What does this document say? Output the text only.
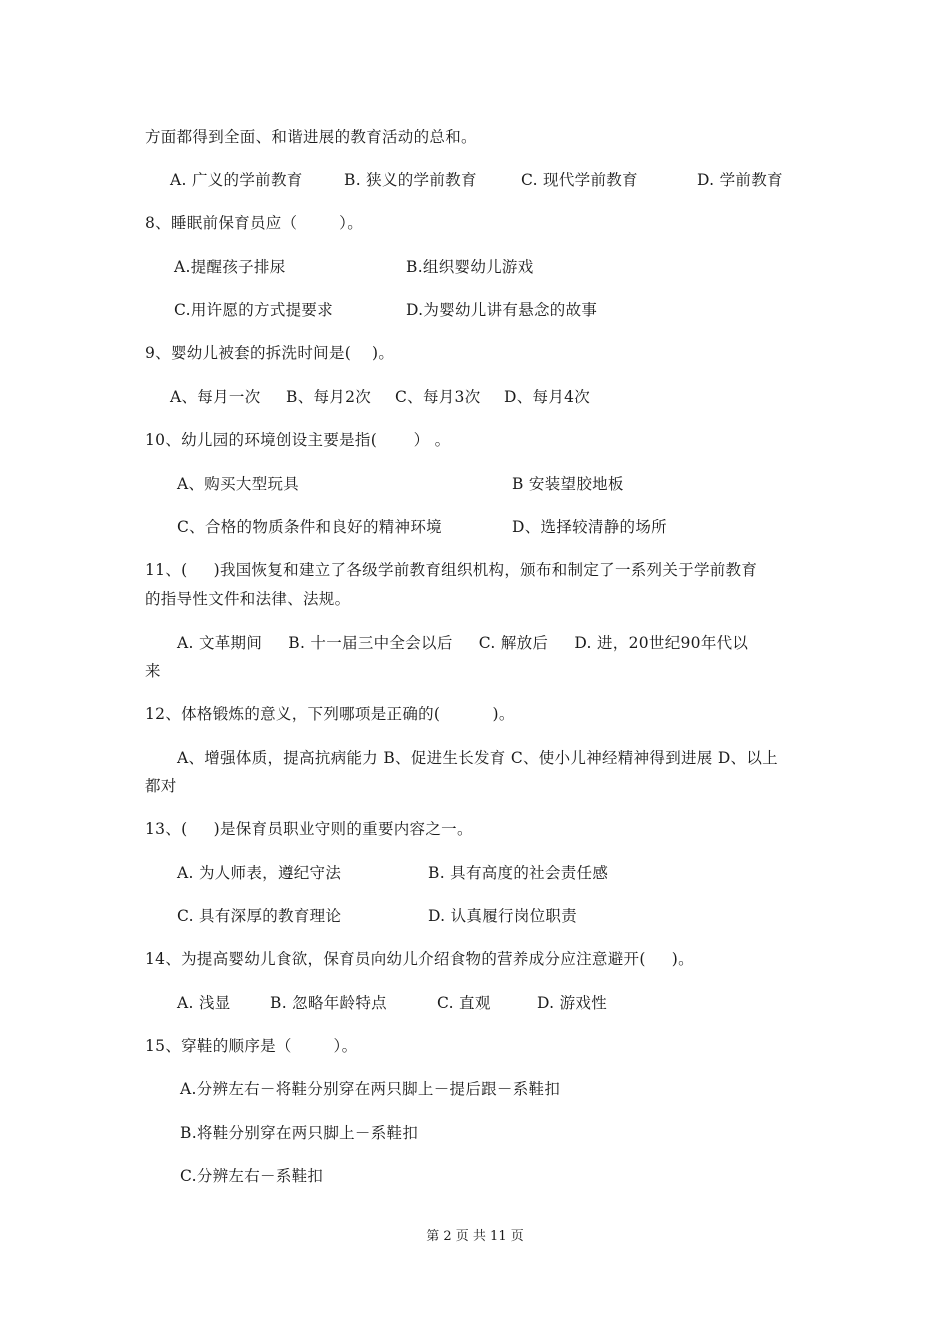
方面都得到全面、和谐进展的教育活动的总和。
A. 广义的学前教育	B. 狭义的学前教育	C. 现代学前教育	D. 学前教育
8、睡眠前保育员应（        ）。
A.提醒孩子排尿	B.组织婴幼儿游戏
C.用许愿的方式提要求	D.为婴幼儿讲有悬念的故事
9、婴幼儿被套的拆洗时间是(    )。
A、每月一次 B、每月2次 C、每月3次 D、每月4次
10、幼儿园的环境创设主要是指(       ） 。
A、购买大型玩具	B 安装望胶地板
C、合格的物质条件和良好的精神环境	D、选择较清静的场所
11、(     )我国恢复和建立了各级学前教育组织机构，颁布和制定了一系列关于学前教育
的指导性文件和法律、法规。
A. 文革期间     B. 十一届三中全会以后     C. 解放后     D. 进，20世纪90年代以
来
12、体格锻炼的意义，下列哪项是正确的(          )。
A、增强体质，提高抗病能力 B、促进生长发育 C、使小儿神经精神得到进展 D、以上
都对
13、(     )是保育员职业守则的重要内容之一。
A. 为人师表，遵纪守法	B. 具有高度的社会责任感
C. 具有深厚的教育理论	D. 认真履行岗位职责
14、为提高婴幼儿食欲，保育员向幼儿介绍食物的营养成分应注意避开(     )。
A. 浅显	B. 忽略年龄特点	C. 直观	D. 游戏性
15、穿鞋的顺序是（        ）。
A.分辨左右－将鞋分别穿在两只脚上－提后跟－系鞋扣
B.将鞋分别穿在两只脚上－系鞋扣
C.分辨左右－系鞋扣
第 2 页 共 11 页
